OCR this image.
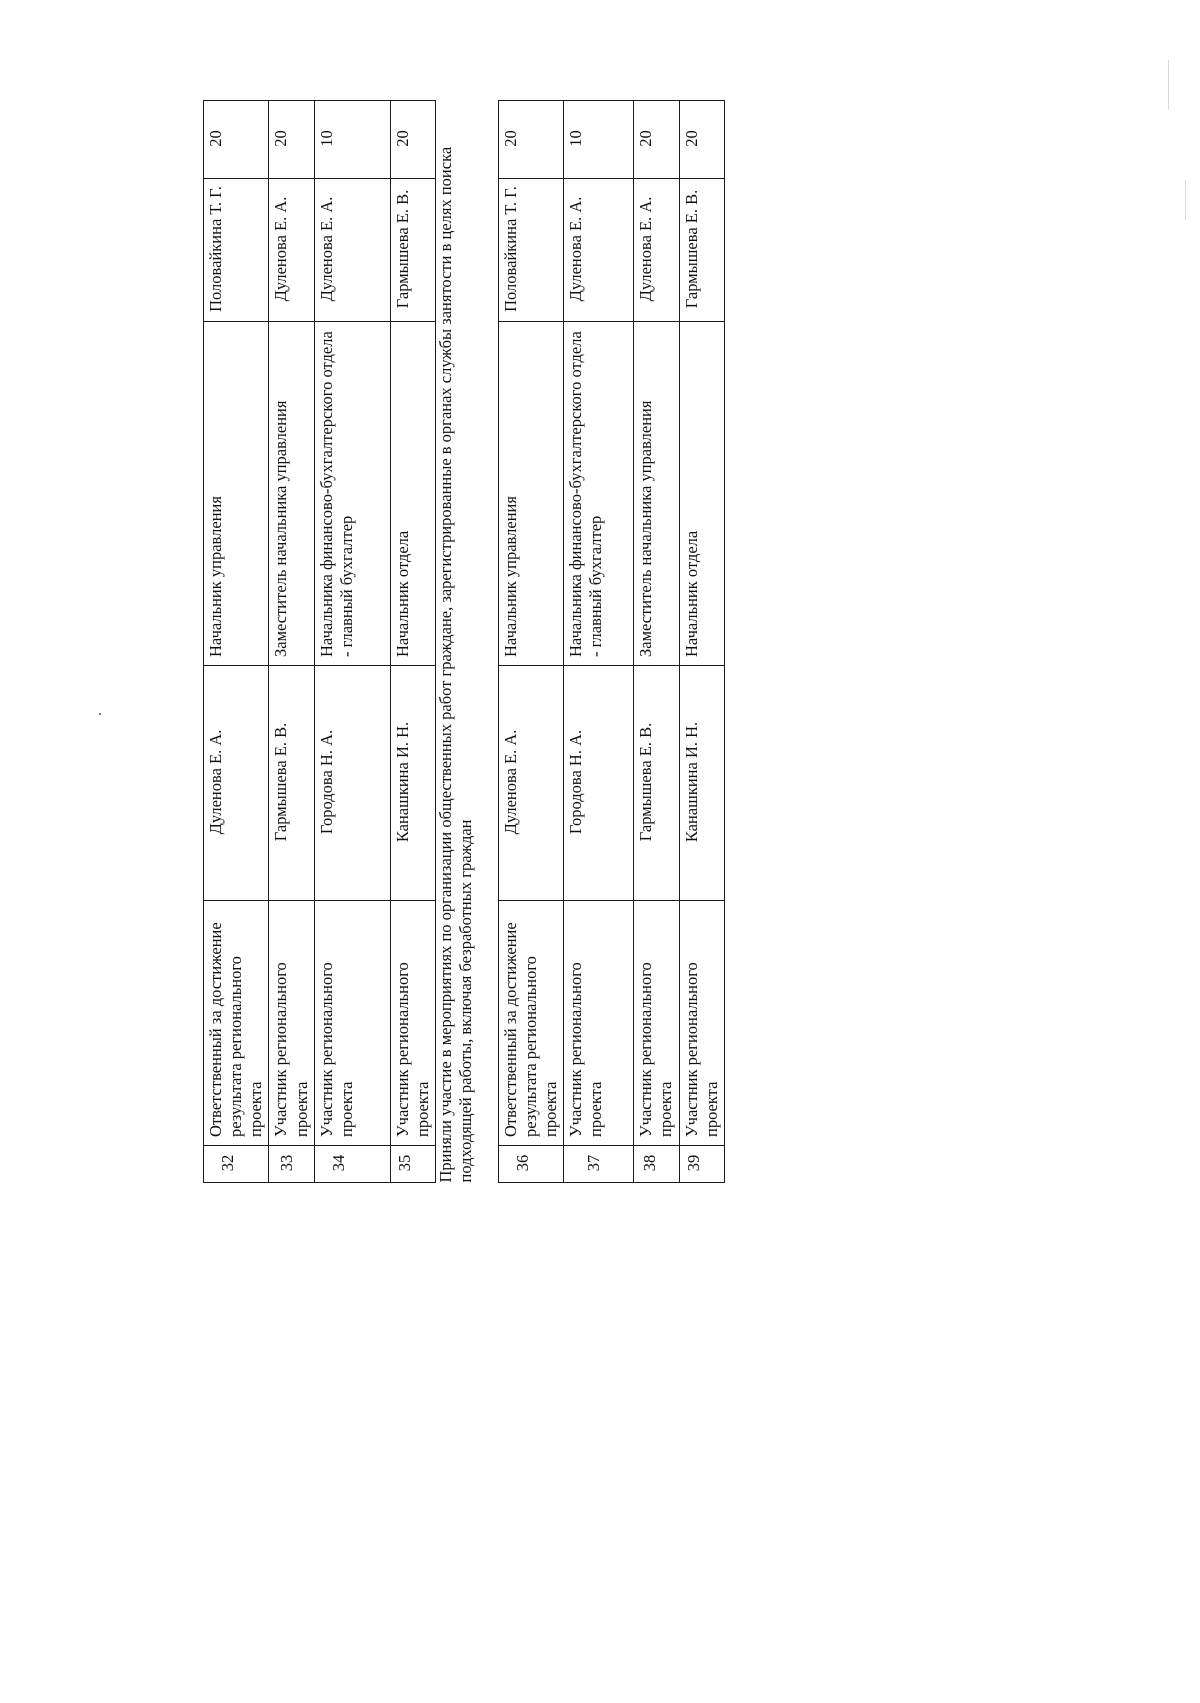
32	Ответственный за достижение результата регионального проекта	Дуленова Е. А.	Начальник управления	Половайкина Т. Г.	20
33	Участник регионального проекта	Гармышева Е. В.	Заместитель начальника управления	Дуленова Е. А.	20
34	Участник регионального проекта	Городова Н. А.	Начальника финансово-бухгалтерского отдела - главный бухгалтер	Дуленова Е. А.	10
35	Участник регионального проекта	Канашкина И. Н.	Начальник отдела	Гармышева Е. В.	20
Приняли участие в мероприятиях по организации общественных работ граждане, зарегистрированные в органах службы занятости в целях поиска подходящей работы, включая безработных граждан					
36	Ответственный за достижение результата регионального проекта	Дуленова Е. А.	Начальник управления	Половайкина Т. Г.	20
37	Участник регионального проекта	Городова Н. А.	Начальника финансово-бухгалтерского отдела - главный бухгалтер	Дуленова Е. А.	10
38	Участник регионального проекта	Гармышева Е. В.	Заместитель начальника управления	Дуленова Е. А.	20
39	Участник регионального проекта	Канашкина И. Н.	Начальник отдела	Гармышева Е. В.	20
